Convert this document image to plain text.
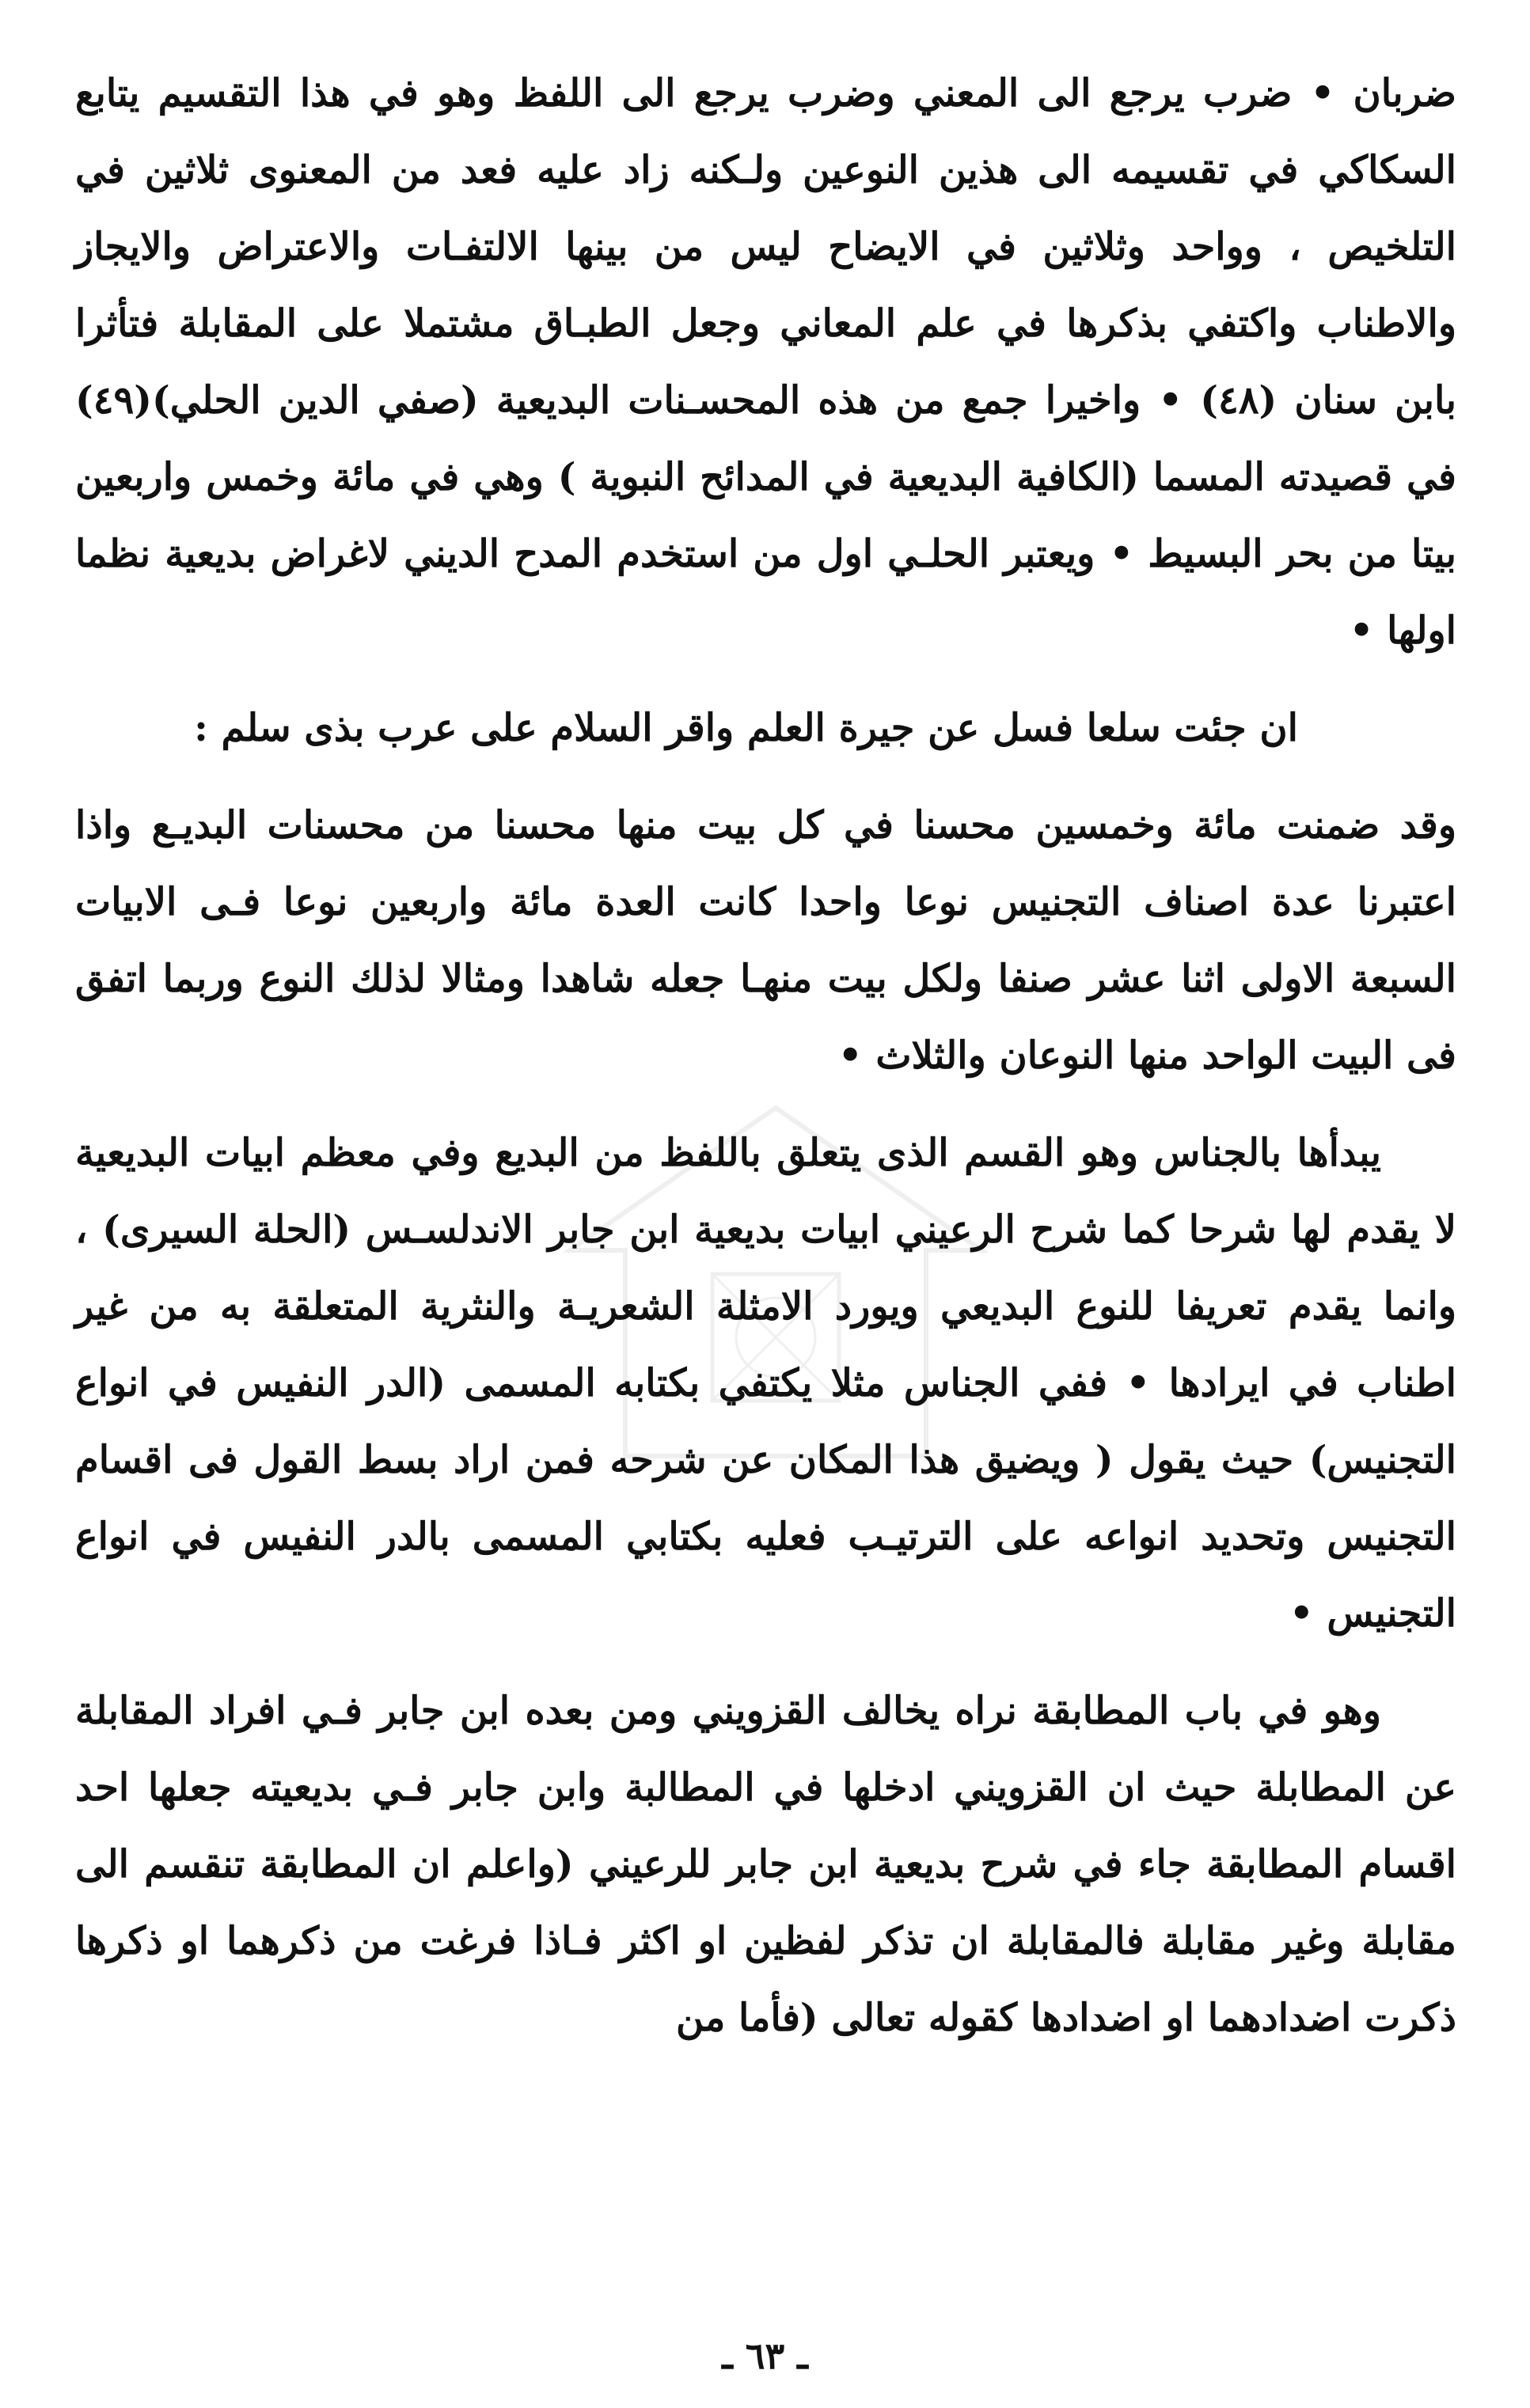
ضربان • ضرب يرجع الى المعني وضرب يرجع الى اللفظ وهو في هذا التقسيم يتابع السكاكي في تقسيمه الى هذين النوعين ولـكنه زاد عليه فعد من المعنوى ثلاثين في التلخيص ، وواحد وثلاثين في الايضاح ليس من بينها الالتفـات والاعتراض والايجاز والاطناب واكتفي بذكرها في علم المعاني وجعل الطبـاق مشتملا على المقابلة فتأثرا بابن سنان (٤٨) • واخيرا جمع من هذه المحسـنات البديعية (صفي الدين الحلي)(٤٩) في قصيدته المسما (الكافية البديعية في المدائح النبوية ) وهي في مائة وخمس واربعين بيتا من بحر البسيط • ويعتبر الحلـي اول من استخدم المدح الديني لاغراض بديعية نظما اولها •

ان جئت سلعا فسل عن جيرة العلم واقر السلام على عرب بذى سلم :

وقد ضمنت مائة وخمسين محسنا في كل بيت منها محسنا من محسنات البديـع واذا اعتبرنا عدة اصناف التجنيس نوعا واحدا كانت العدة مائة واربعين نوعا فـى الابيات السبعة الاولى اثنا عشر صنفا ولكل بيت منهـا جعله شاهدا ومثالا لذلك النوع وربما اتفق فى البيت الواحد منها النوعان والثلاث •

يبدأها بالجناس وهو القسم الذى يتعلق باللفظ من البديع وفي معظم ابيات البديعية لا يقدم لها شرحا كما شرح الرعيني ابيات بديعية ابن جابر الاندلسـس (الحلة السيرى) ، وانما يقدم تعريفا للنوع البديعي ويورد الامثلة الشعريـة والنثرية المتعلقة به من غير اطناب في ايرادها • ففي الجناس مثلا يكتفي بكتابه المسمى (الدر النفيس في انواع التجنيس) حيث يقول ( ويضيق هذا المكان عن شرحه فمن اراد بسط القول فى اقسام التجنيس وتحديد انواعه على الترتيـب فعليه بكتابي المسمى بالدر النفيس في انواع التجنيس •

وهو في باب المطابقة نراه يخالف القزويني ومن بعده ابن جابر فـي افراد المقابلة عن المطابلة حيث ان القزويني ادخلها في المطالبة وابن جابر فـي بديعيته جعلها احد اقسام المطابقة جاء في شرح بديعية ابن جابر للرعيني (واعلم ان المطابقة تنقسم الى مقابلة وغير مقابلة فالمقابلة ان تذكر لفظين او اكثر فـاذا فرغت من ذكرهما او ذكرها ذكرت اضدادهما او اضدادها كقوله تعالى (فأما من

ـ ٦٣ ـ
